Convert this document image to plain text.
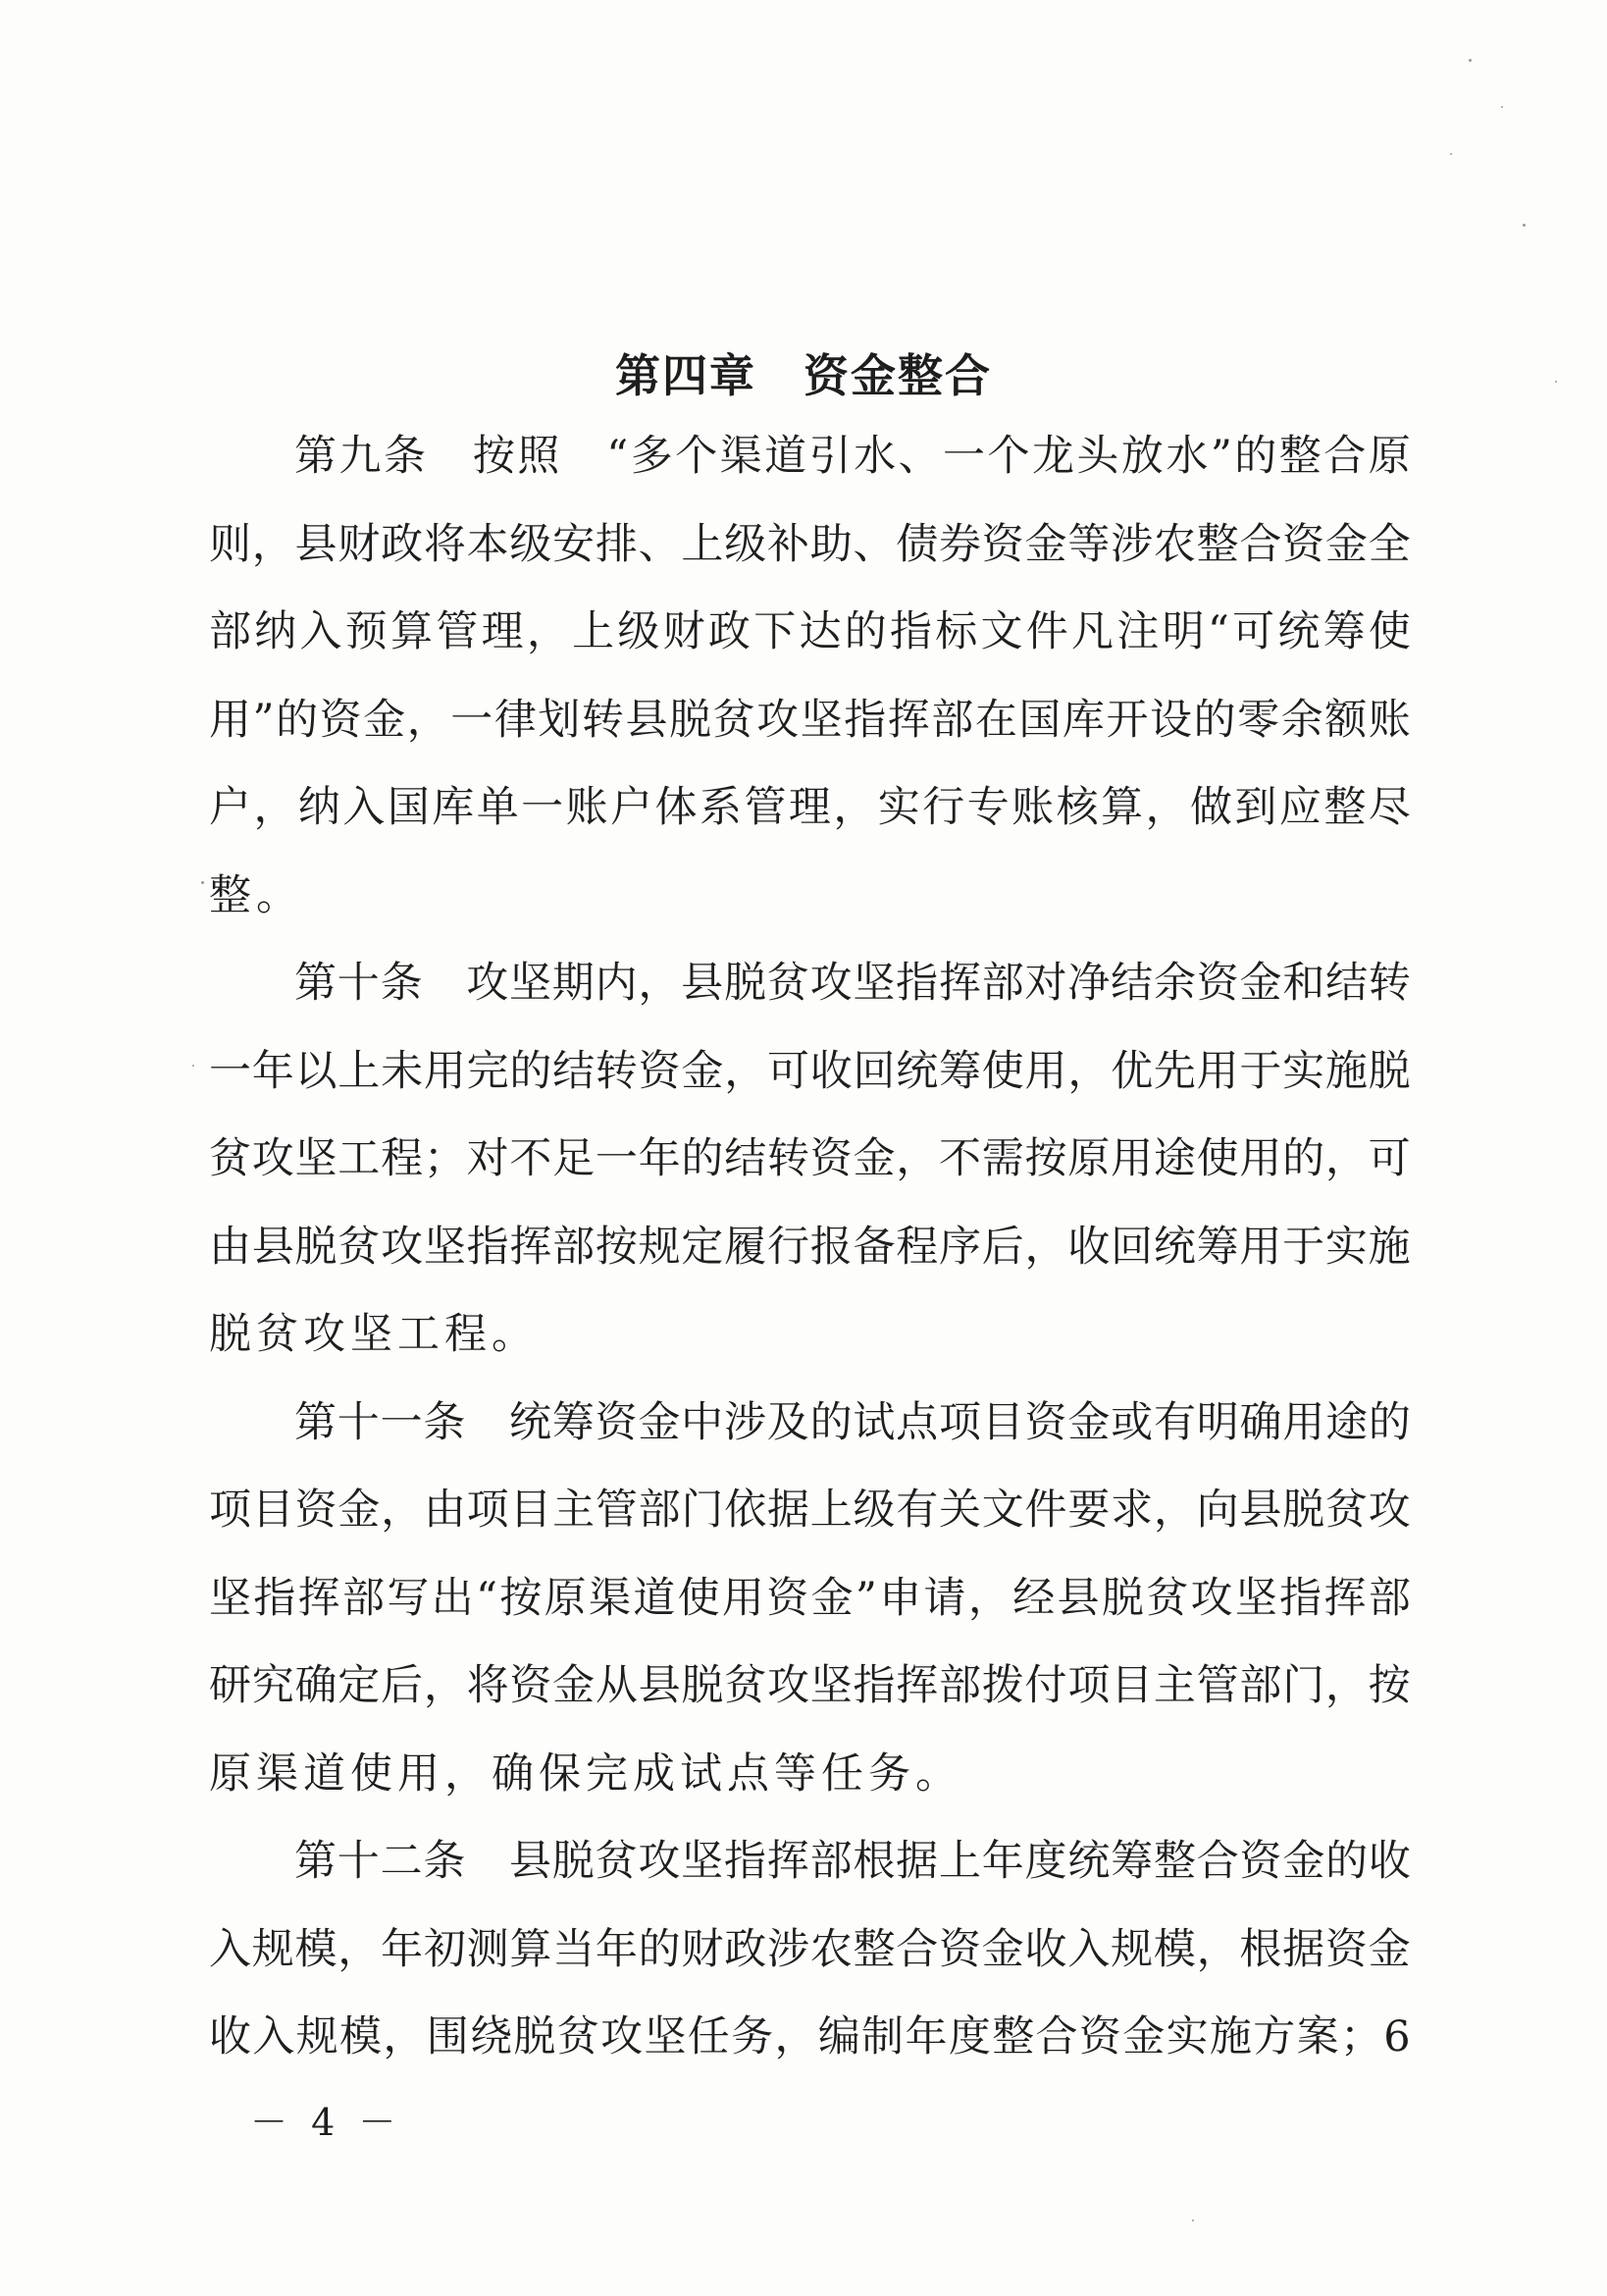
第四章　资金整合
第 九 条
　 按 照
　 “ 多 个 渠 道 引 水 、 一 个 龙 头 放 水 ” 的 整 合 原
则 ， 县 财 政 将 本 级 安 排 、 上 级 补 助 、 债 券 资 金 等 涉 农 整 合 资 金 全
部 纳 入 预 算 管 理 ， 上 级 财 政 下 达 的 指 标 文 件 凡 注 明 “ 可 统 筹 使
用 ” 的 资 金 ， 一 律 划 转 县 脱 贫 攻 坚 指 挥 部 在 国 库 开 设 的 零 余 额 账
户 ， 纳 入 国 库 单 一 账 户 体 系 管 理 ， 实 行 专 账 核 算 ， 做 到 应 整 尽
整 。
第 十 条
　 攻 坚 期 内 ， 县 脱 贫 攻 坚 指 挥 部 对 净 结 余 资 金 和 结 转
一 年 以 上 未 用 完 的 结 转 资 金 ， 可 收 回 统 筹 使 用 ， 优 先 用 于 实 施 脱
贫 攻 坚 工 程 ； 对 不 足 一 年 的 结 转 资 金 ， 不 需 按 原 用 途 使 用 的 ， 可
由 县 脱 贫 攻 坚 指 挥 部 按 规 定 履 行 报 备 程 序 后 ， 收 回 统 筹 用 于 实 施
脱 贫 攻 坚 工 程 。
第 十 一 条
　 统 筹 资 金 中 涉 及 的 试 点 项 目 资 金 或 有 明 确 用 途 的
项 目 资 金 ， 由 项 目 主 管 部 门 依 据 上 级 有 关 文 件 要 求 ， 向 县 脱 贫 攻
坚 指 挥 部 写 出 “ 按 原 渠 道 使 用 资 金 ” 申 请 ， 经 县 脱 贫 攻 坚 指 挥 部
研 究 确 定 后 ， 将 资 金 从 县 脱 贫 攻 坚 指 挥 部 拨 付 项 目 主 管 部 门 ， 按
原 渠 道 使 用 ， 确 保 完 成 试 点 等 任 务 。
第 十 二 条
　 县 脱 贫 攻 坚 指 挥 部 根 据 上 年 度 统 筹 整 合 资 金 的 收
入 规 模 ， 年 初 测 算 当 年 的 财 政 涉 农 整 合 资 金 收 入 规 模 ， 根 据 资 金
收 入 规 模 ， 围 绕 脱 贫 攻 坚 任 务 ， 编 制 年 度 整 合 资 金 实 施 方 案 ； 6
－ 4 －
